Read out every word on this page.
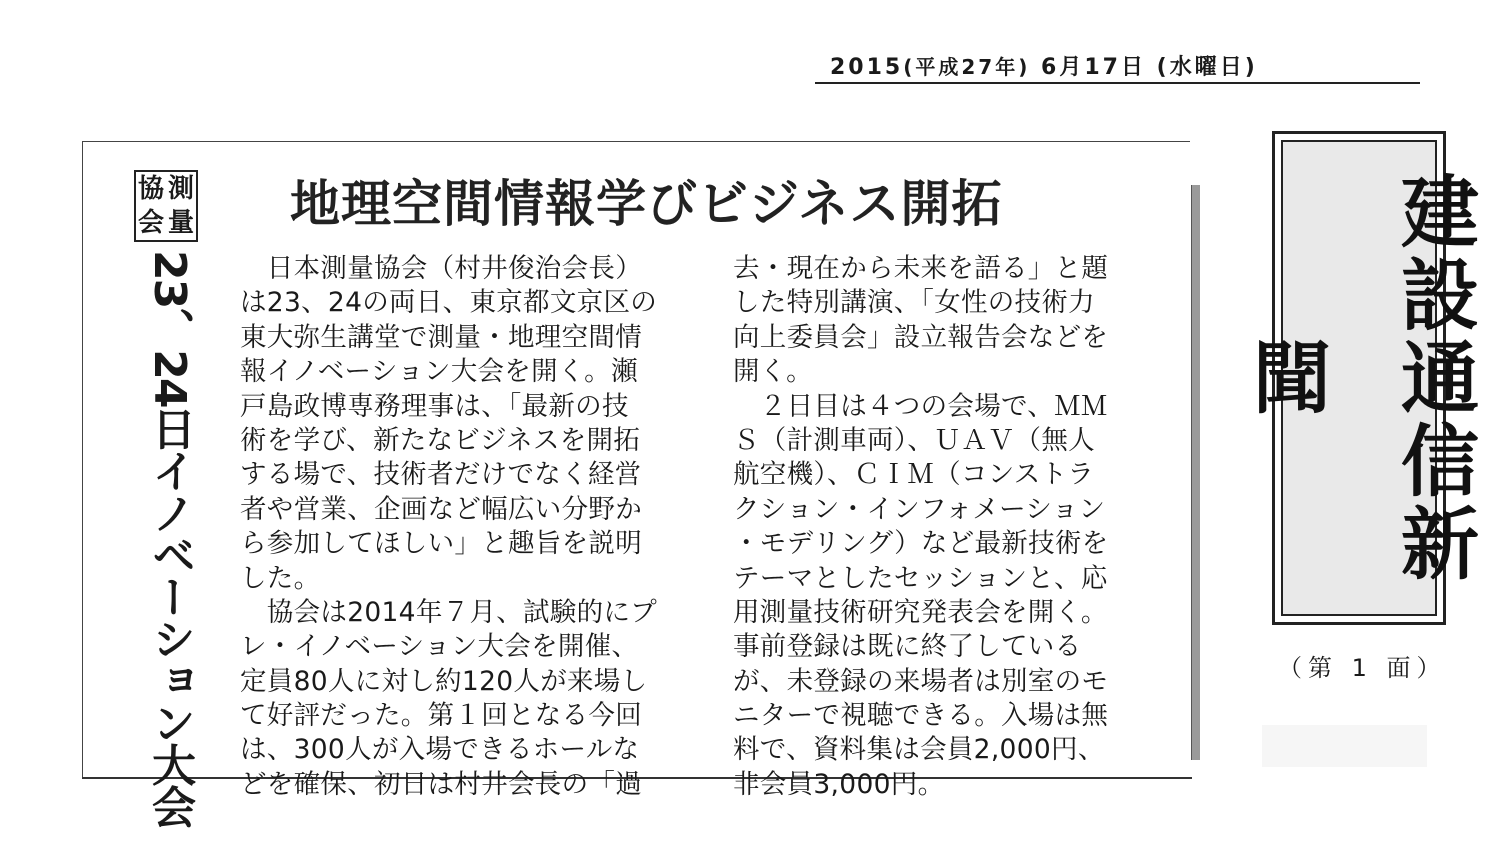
2015(平成27年) 6月17日 (水曜日)
協 測
会 量
23、24日イノベーション大会
地理空間情報学びビジネス開拓
　日本測量協会（村井俊治会長）
は23、24の両日、東京都文京区の
東大弥生講堂で測量・地理空間情
報イノベーション大会を開く。瀬
戸島政博専務理事は、「最新の技
術を学び、新たなビジネスを開拓
する場で、技術者だけでなく経営
者や営業、企画など幅広い分野か
ら参加してほしい」と趣旨を説明
した。
　協会は2014年７月、試験的にプ
レ・イノベーション大会を開催、
定員80人に対し約120人が来場し
て好評だった。第１回となる今回
は、300人が入場できるホールな
どを確保、初日は村井会長の「過
去・現在から未来を語る」と題
した特別講演、「女性の技術力
向上委員会」設立報告会などを
開く。
　２日目は４つの会場で、ＭＭ
Ｓ（計測車両）、ＵＡＶ（無人
航空機）、ＣＩＭ（コンストラ
クション・インフォメーション
・モデリング）など最新技術を
テーマとしたセッションと、応
用測量技術研究発表会を開く。
事前登録は既に終了している
が、未登録の来場者は別室のモ
ニターで視聴できる。入場は無
料で、資料集は会員2,000円、
非会員3,000円。
建設通信新聞
（第 1 面）
